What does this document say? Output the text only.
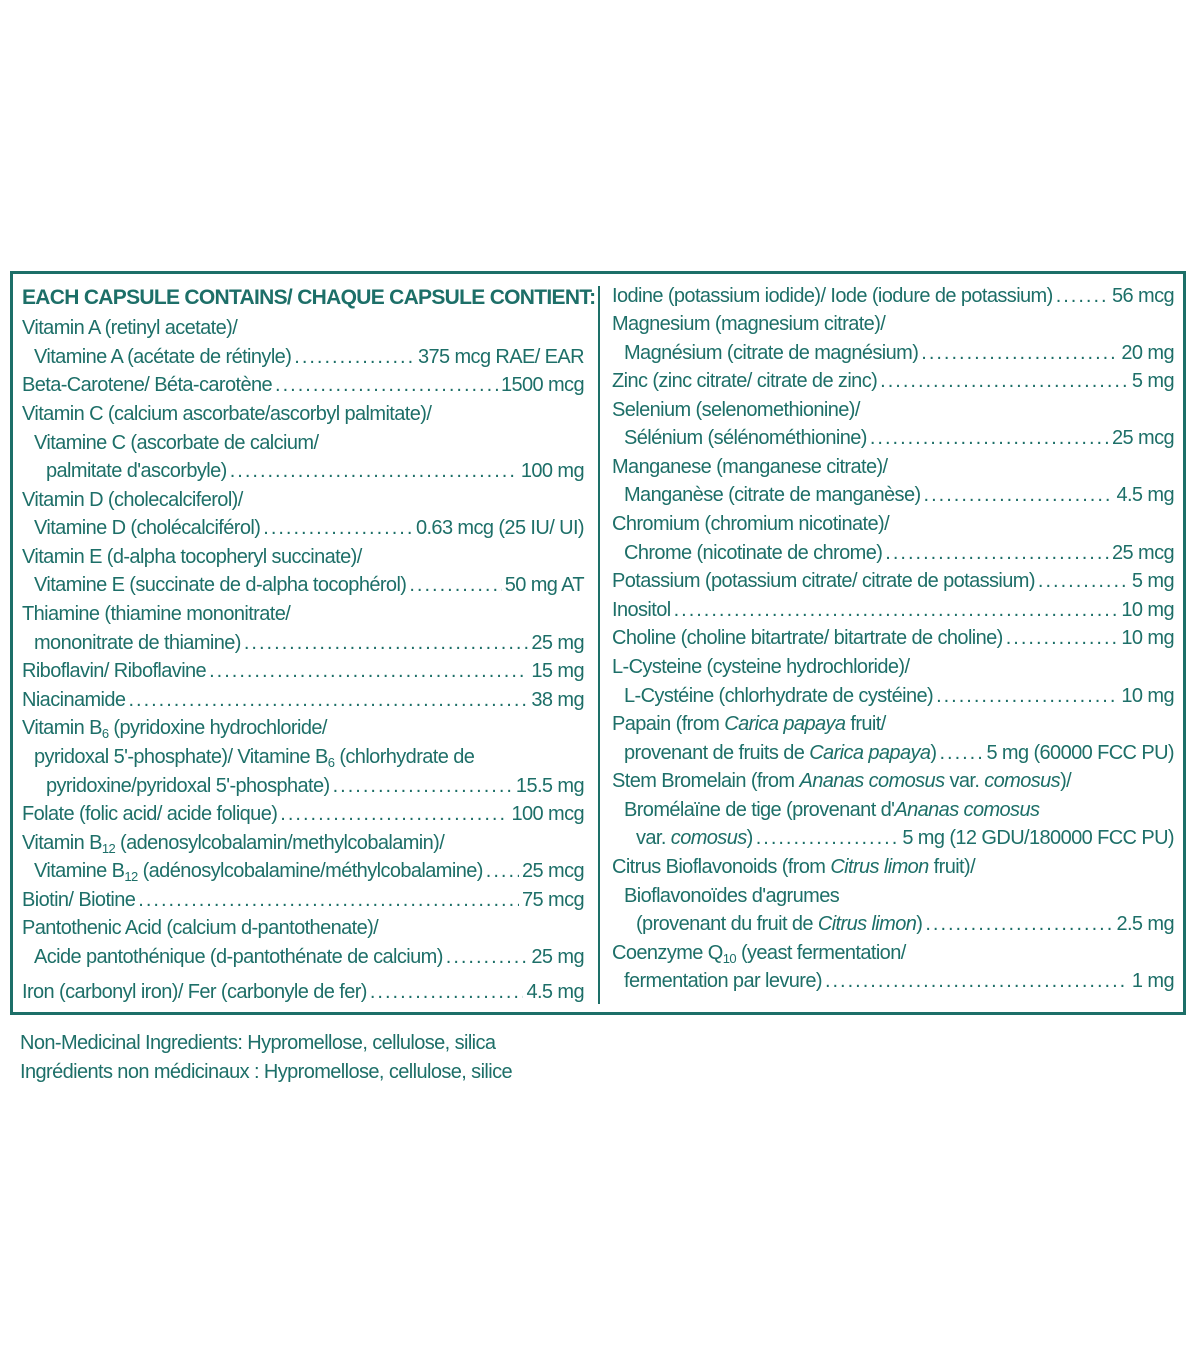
EACH CAPSULE CONTAINS/ CHAQUE CAPSULE CONTIENT:
Vitamin A (retinyl acetate)/
Vitamine A (acétate de rétinyle) .....	375 mcg RAE/ EAR
Beta-Carotene/ Béta-carotène .....	1500 mcg
Vitamin C (calcium ascorbate/ascorbyl palmitate)/
Vitamine C (ascorbate de calcium/
palmitate d'ascorbyle) .....	100 mg
Vitamin D (cholecalciferol)/
Vitamine D (cholécalciférol) .....	0.63 mcg (25 IU/ UI)
Vitamin E (d-alpha tocopheryl succinate)/
Vitamine E (succinate de d-alpha tocophérol) .....	50 mg AT
Thiamine (thiamine mononitrate/
mononitrate de thiamine) .....	25 mg
Riboflavin/ Riboflavine .....	15 mg
Niacinamide .....	38 mg
Vitamin $B_6$ (pyridoxine hydrochloride/
pyridoxal 5'-phosphate)/ Vitamine $B_6$ (chlorhydrate de
pyridoxine/pyridoxal 5'-phosphate) .....	15.5 mg
Folate (folic acid/ acide folique) .....	100 mcg
Vitamin $B_{12}$ (adenosylcobalamin/methylcobalamin)/
Vitamine $B_{12}$ (adénosylcobalamine/méthylcobalamine) ..... 25 mcg
Biotin/ Biotine .....	75 mcg
Pantothenic Acid (calcium d-pantothenate)/
Acide pantothénique (d-pantothénate de calcium) .....	25 mg
Iron (carbonyl iron)/ Fer (carbonyle de fer) .....	4.5 mg
Iodine (potassium iodide)/ Iode (iodure de potassium) .....	56 mcg
Magnesium (magnesium citrate)/
Magnésium (citrate de magnésium) .....	20 mg
Zinc (zinc citrate/ citrate de zinc) .....	5 mg
Selenium (selenomethionine)/
Sélénium (sélénométhionine) .....	25 mcg
Manganese (manganese citrate)/
Manganèse (citrate de manganèse) .....	4.5 mg
Chromium (chromium nicotinate)/
Chrome (nicotinate de chrome) .....	25 mcg
Potassium (potassium citrate/ citrate de potassium) .....	5 mg
Inositol .....	10 mg
Choline (choline bitartrate/ bitartrate de choline) .....	10 mg
L-Cysteine (cysteine hydrochloride)/
L-Cystéine (chlorhydrate de cystéine) .....	10 mg
Papain (from Carica papaya fruit/
provenant de fruits de Carica papaya) ..... 5 mg (60000 FCC PU)
Stem Bromelain (from Ananas comosus var. comosus)/
Bromélaïne de tige (provenant d'Ananas comosus
var. comosus) .....	5 mg (12 GDU/180000 FCC PU)
Citrus Bioflavonoids (from Citrus limon fruit)/
Bioflavonoïdes d'agrumes
(provenant du fruit de Citrus limon) .....	2.5 mg
Coenzyme $Q_{10}$ (yeast fermentation/
fermentation par levure) .....	1 mg
Non-Medicinal Ingredients: Hypromellose, cellulose, silica
Ingrédients non médicinaux : Hypromellose, cellulose, silice
